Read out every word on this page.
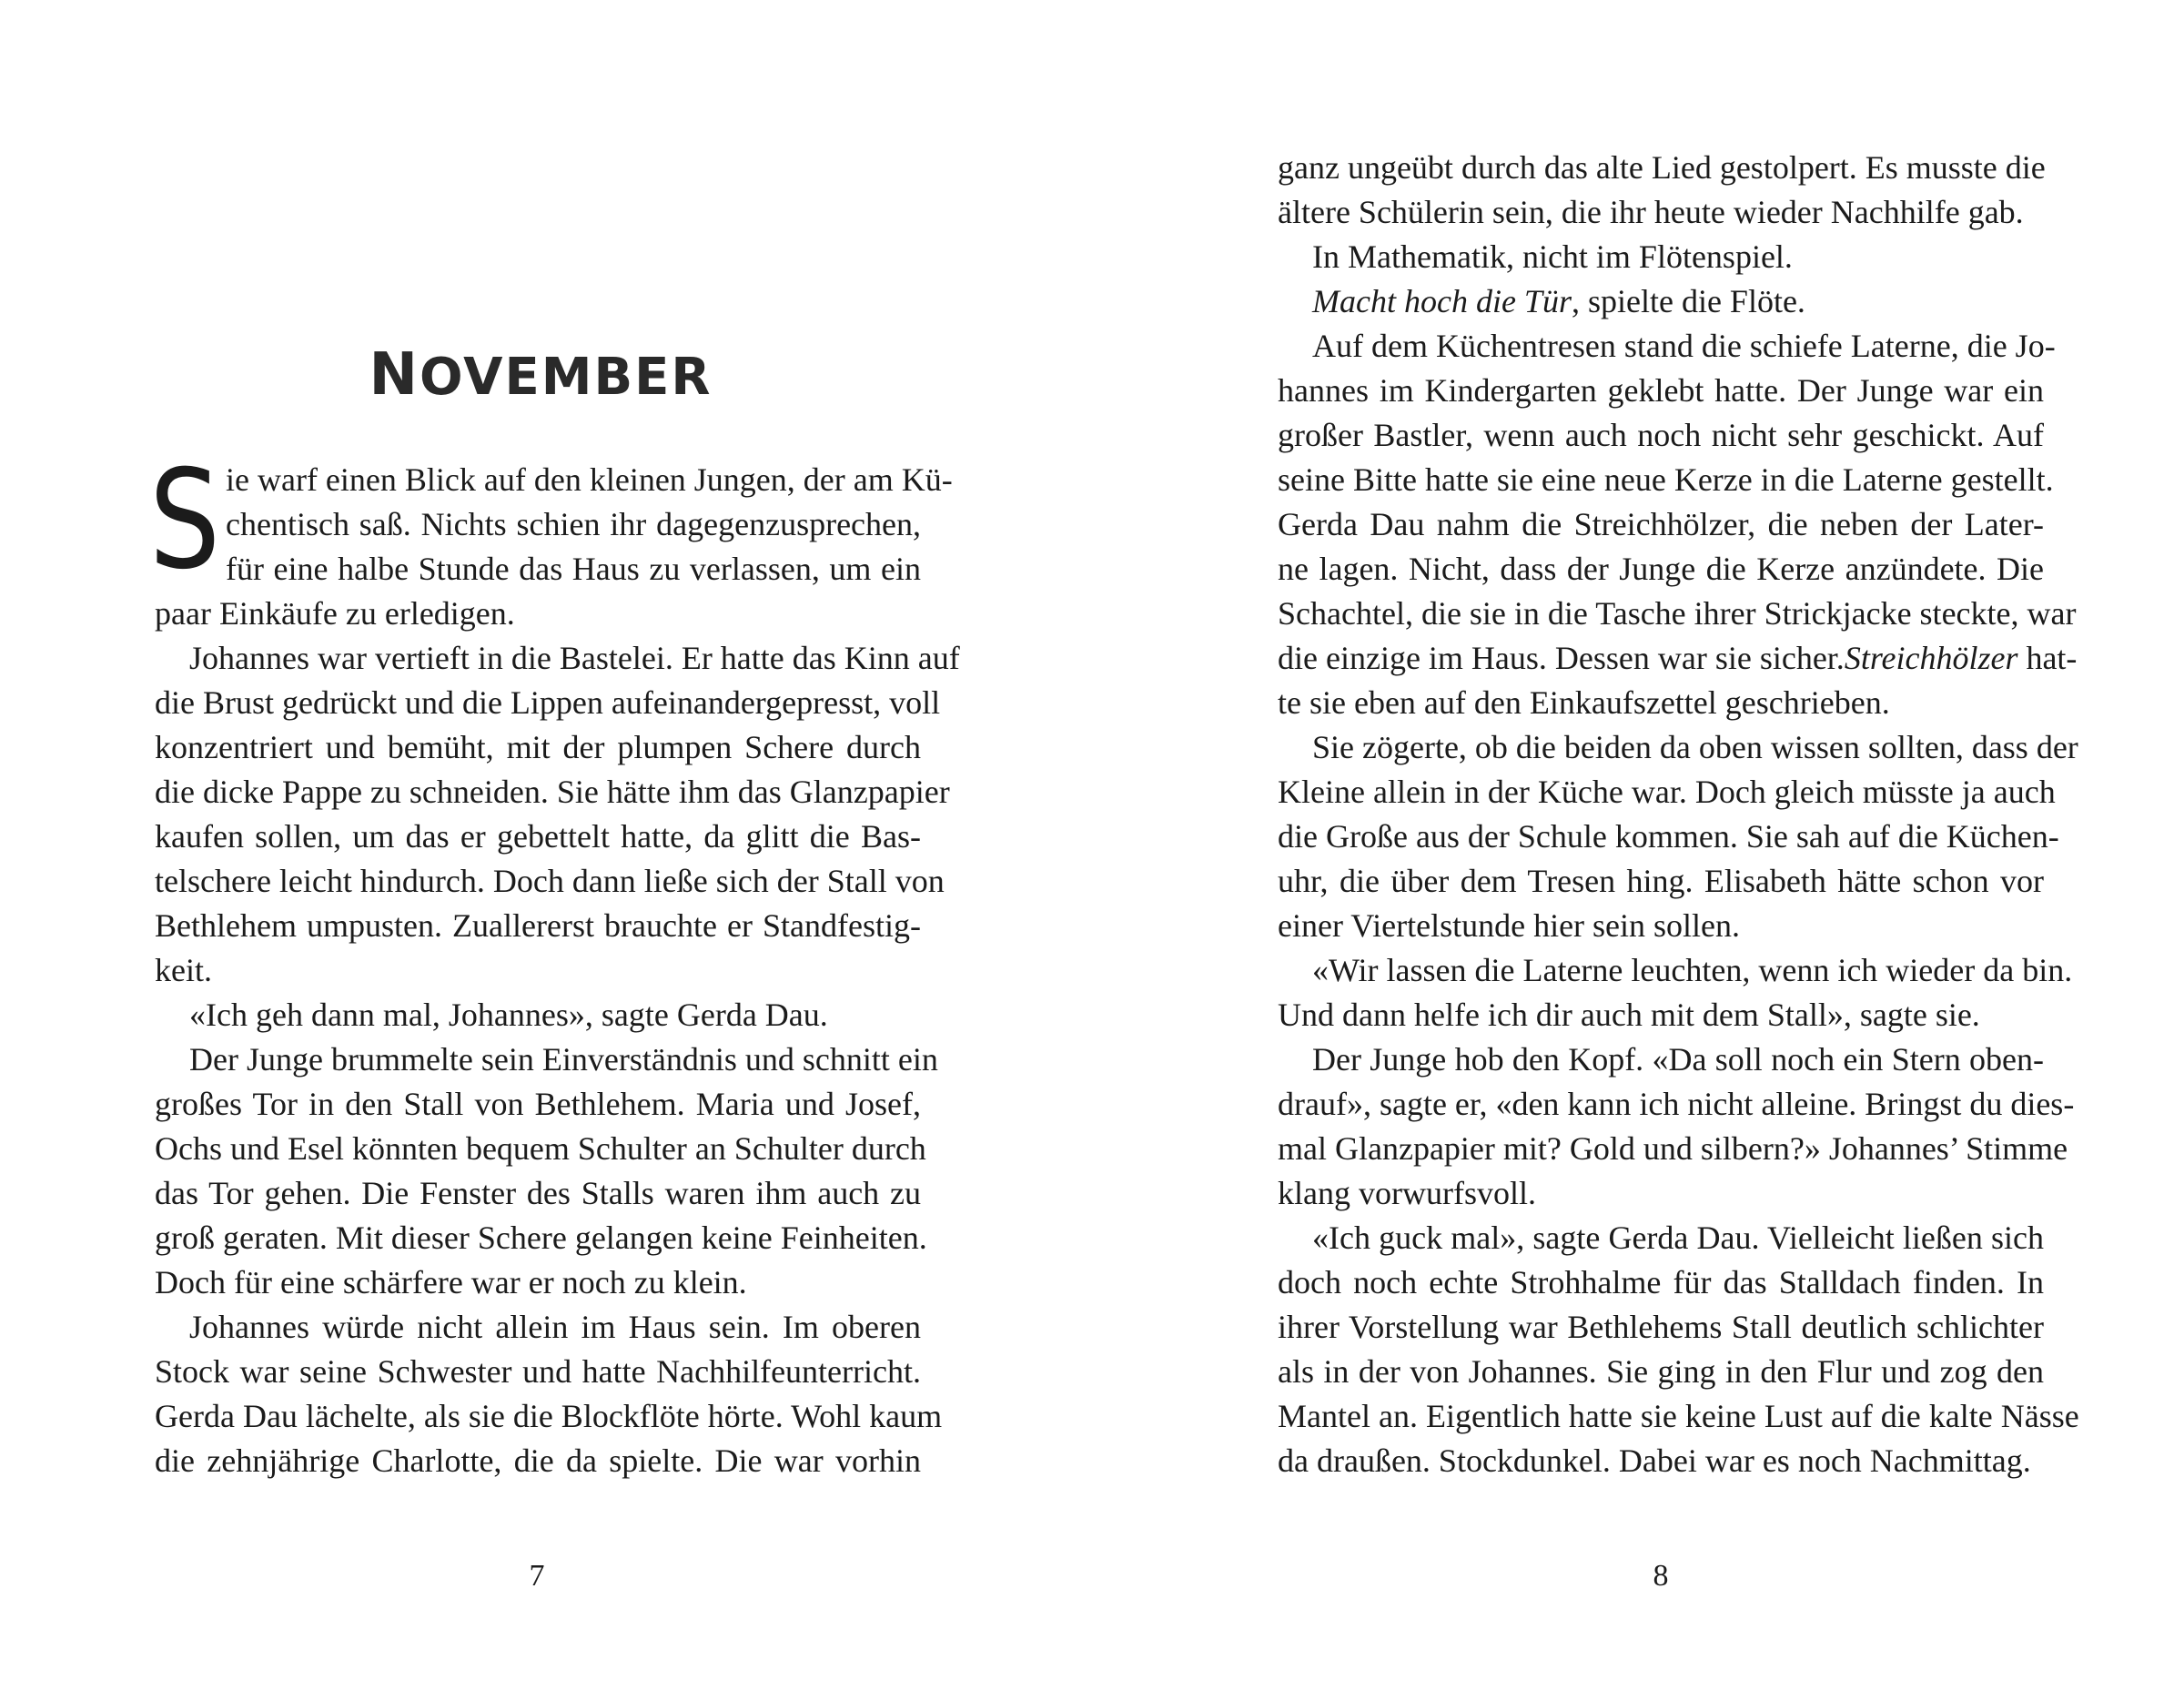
NOVEMBER
S ie warf einen Blick auf den kleinen Jungen, der am Kü-
chentisch saß. Nichts schien ihr dagegenzusprechen,
für eine halbe Stunde das Haus zu verlassen, um ein
paar Einkäufe zu erledigen.
Johannes war vertieft in die Bastelei. Er hatte das Kinn auf
die Brust gedrückt und die Lippen aufeinandergepresst, voll
konzentriert und bemüht, mit der plumpen Schere durch
die dicke Pappe zu schneiden. Sie hätte ihm das Glanzpapier
kaufen sollen, um das er gebettelt hatte, da glitt die Bas-
telschere leicht hindurch. Doch dann ließe sich der Stall von
Bethlehem umpusten. Zuallererst brauchte er Standfestig-
keit.
«Ich geh dann mal, Johannes», sagte Gerda Dau.
Der Junge brummelte sein Einverständnis und schnitt ein
großes Tor in den Stall von Bethlehem. Maria und Josef,
Ochs und Esel könnten bequem Schulter an Schulter durch
das Tor gehen. Die Fenster des Stalls waren ihm auch zu
groß geraten. Mit dieser Schere gelangen keine Feinheiten.
Doch für eine schärfere war er noch zu klein.
Johannes würde nicht allein im Haus sein. Im oberen
Stock war seine Schwester und hatte Nachhilfeunterricht.
Gerda Dau lächelte, als sie die Blockflöte hörte. Wohl kaum
die zehnjährige Charlotte, die da spielte. Die war vorhin
7
ganz ungeübt durch das alte Lied gestolpert. Es musste die
ältere Schülerin sein, die ihr heute wieder Nachhilfe gab.
In Mathematik, nicht im Flötenspiel.
Macht hoch die Tür, spielte die Flöte.
Auf dem Küchentresen stand die schiefe Laterne, die Jo-
hannes im Kindergarten geklebt hatte. Der Junge war ein
großer Bastler, wenn auch noch nicht sehr geschickt. Auf
seine Bitte hatte sie eine neue Kerze in die Laterne gestellt.
Gerda Dau nahm die Streichhölzer, die neben der Later-
ne lagen. Nicht, dass der Junge die Kerze anzündete. Die
Schachtel, die sie in die Tasche ihrer Strickjacke steckte, war
die einzige im Haus. Dessen war sie sicher. Streichhölzer hat-
te sie eben auf den Einkaufszettel geschrieben.
Sie zögerte, ob die beiden da oben wissen sollten, dass der
Kleine allein in der Küche war. Doch gleich müsste ja auch
die Große aus der Schule kommen. Sie sah auf die Küchen-
uhr, die über dem Tresen hing. Elisabeth hätte schon vor
einer Viertelstunde hier sein sollen.
«Wir lassen die Laterne leuchten, wenn ich wieder da bin.
Und dann helfe ich dir auch mit dem Stall», sagte sie.
Der Junge hob den Kopf. «Da soll noch ein Stern oben-
drauf», sagte er, «den kann ich nicht alleine. Bringst du dies-
mal Glanzpapier mit? Gold und silbern?» Johannes’ Stimme
klang vorwurfsvoll.
«Ich guck mal», sagte Gerda Dau. Vielleicht ließen sich
doch noch echte Strohhalme für das Stalldach finden. In
ihrer Vorstellung war Bethlehems Stall deutlich schlichter
als in der von Johannes. Sie ging in den Flur und zog den
Mantel an. Eigentlich hatte sie keine Lust auf die kalte Nässe
da draußen. Stockdunkel. Dabei war es noch Nachmittag.
8
